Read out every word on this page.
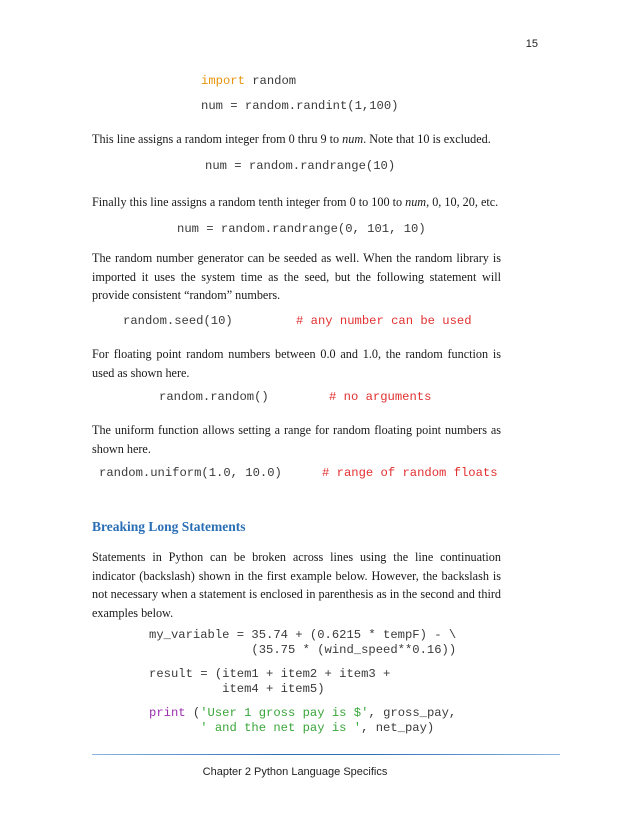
15
import random
num = random.randint(1,100)
This line assigns a random integer from 0 thru 9 to num. Note that 10 is excluded.
num = random.randrange(10)
Finally this line assigns a random tenth integer from 0 to 100 to num, 0, 10, 20, etc.
num = random.randrange(0, 101, 10)
The random number generator can be seeded as well. When the random library is imported it uses the system time as the seed, but the following statement will provide consistent “random” numbers.
random.seed(10)	# any number can be used
For floating point random numbers between 0.0 and 1.0, the random function is used as shown here.
random.random()	# no arguments
The uniform function allows setting a range for random floating point numbers as shown here.
random.uniform(1.0, 10.0)	# range of random floats
Breaking Long Statements
Statements in Python can be broken across lines using the line continuation indicator (backslash) shown in the first example below. However, the backslash is not necessary when a statement is enclosed in parenthesis as in the second and third examples below.
my_variable = 35.74 + (0.6215 * tempF) - \
(35.75 * (wind_speed**0.16))
result = (item1 + item2 + item3 +
item4 + item5)
print ('User 1 gross pay is $', gross_pay,
' and the net pay is ', net_pay)
Chapter 2 Python Language Specifics
